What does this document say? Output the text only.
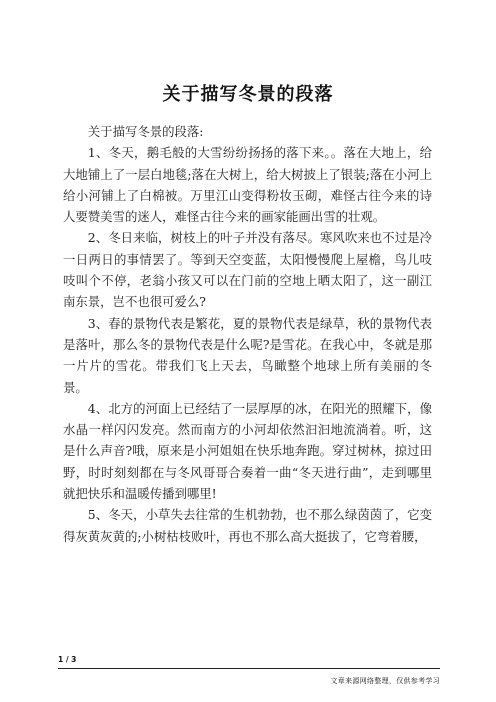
关于描写冬景的段落

关于描写冬景的段落:

1、冬天，鹅毛般的大雪纷纷扬扬的落下来。。落在大地上，给大地铺上了一层白地毯;落在大树上，给大树披上了银装;落在小河上给小河铺上了白棉被。万里江山变得粉妆玉砌，难怪古往今来的诗人要赞美雪的迷人，难怪古往今来的画家能画出雪的壮观。

2、冬日来临，树枝上的叶子并没有落尽。寒风吹来也不过是冷一日两日的事情罢了。等到天空变蓝，太阳慢慢爬上屋檐，鸟儿吱吱叫个不停，老翁小孩又可以在门前的空地上晒太阳了，这一副江南东景，岂不也很可爱么?

3、春的景物代表是繁花，夏的景物代表是绿草，秋的景物代表是落叶，那么冬的景物代表是什么呢?是雪花。在我心中，冬就是那一片片的雪花。带我们飞上天去，鸟瞰整个地球上所有美丽的冬景。

4、北方的河面上已经结了一层厚厚的冰，在阳光的照耀下，像水晶一样闪闪发亮。然而南方的小河却依然汩汩地流淌着。听，这是什么声音?哦，原来是小河姐姐在快乐地奔跑。穿过树林，掠过田野，时时刻刻都在与冬风哥哥合奏着一曲“冬天进行曲”，走到哪里就把快乐和温暖传播到哪里!

5、冬天，小草失去往常的生机勃勃，也不那么绿茵茵了，它变得灰黄灰黄的;小树枯枝败叶，再也不那么高大挺拔了，它弯着腰，

1 / 3
文章来源网络整理，仅供参考学习
